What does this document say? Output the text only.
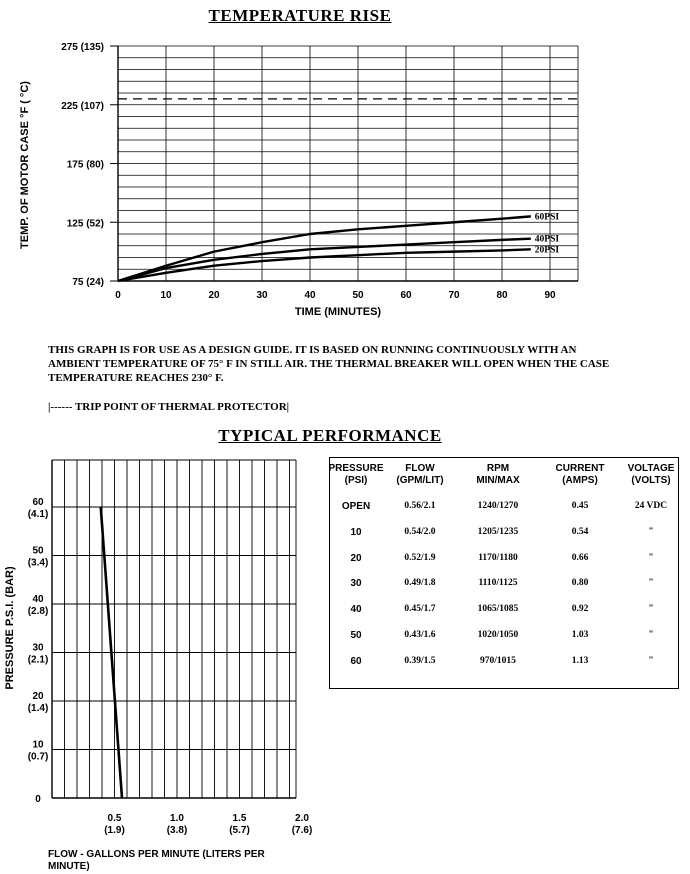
TEMPERATURE RISE
75 (24)
125 (52)
175 (80)
225 (107)
275 (135)
0	10	20	30	40	50	60	70	80	90
TIME (MINUTES)
TEMP. OF MOTOR CASE °F ( °C)	60PSI
40PSI
20PSI
THIS GRAPH IS FOR USE AS A DESIGN GUIDE. IT IS BASED ON RUNNING CONTINUOUSLY WITH AN AMBIENT TEMPERATURE OF 75° F IN STILL AIR. THE THERMAL BREAKER WILL OPEN WHEN THE CASE TEMPERATURE REACHES 230° F.
|------ TRIP POINT OF THERMAL PROTECTOR|
TYPICAL PERFORMANCE
0
10
(0.7)
20
(1.4)
30
(2.1)
40
(2.8)
50
(3.4)
60
(4.1)
0.5
(1.9)
1.0
(3.8)
1.5
(5.7)
2.0
(7.6)
PRESSURE P.S.I. (BAR)
FLOW - GALLONS PER MINUTE (LITERS PER
MINUTE)
PRESSURE
(PSI)
FLOW
(GPM/LIT)
RPM
MIN/MAX
CURRENT
(AMPS)
VOLTAGE
(VOLTS)
OPEN	0.56/2.1	1240/1270	0.45	24 VDC
10	0.54/2.0	1205/1235	0.54	"
20	0.52/1.9	1170/1180	0.66	"
30	0.49/1.8	1110/1125	0.80	"
40	0.45/1.7	1065/1085	0.92	"
50	0.43/1.6	1020/1050	1.03	"
60	0.39/1.5	970/1015	1.13	"
